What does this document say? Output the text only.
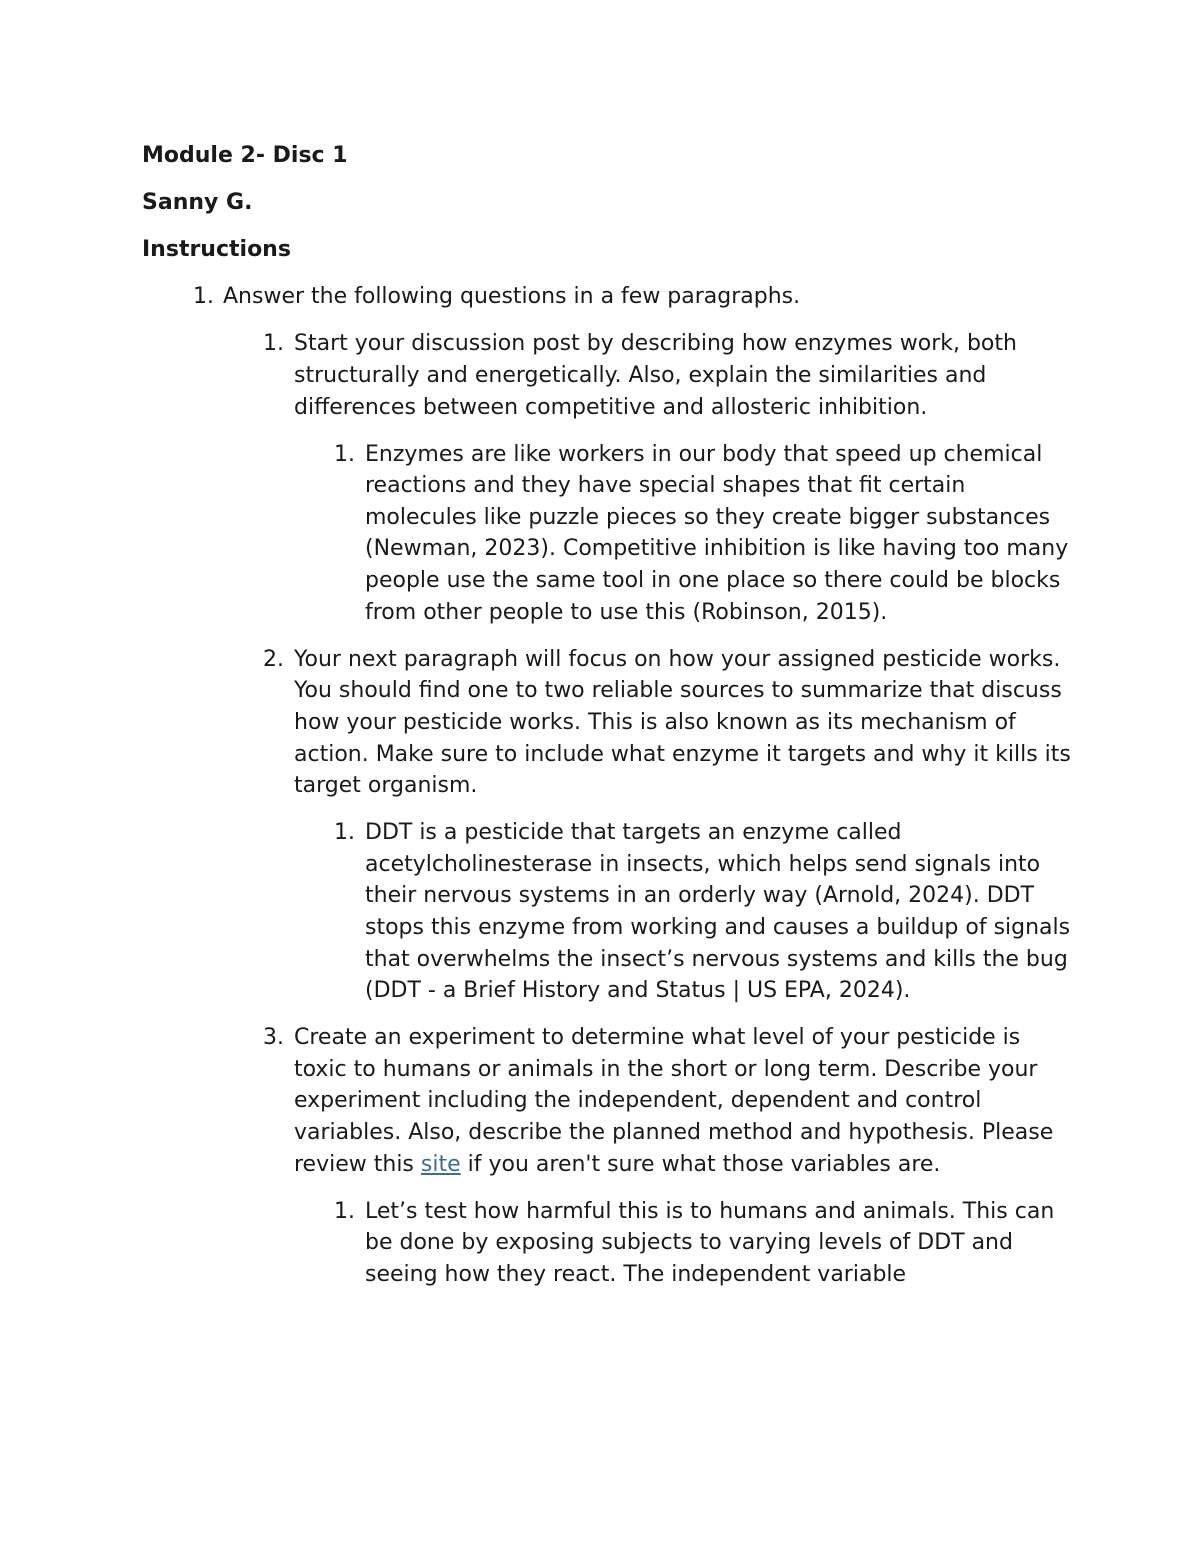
Module 2- Disc 1
Sanny G.
Instructions
1. Answer the following questions in a few paragraphs.
1. Start your discussion post by describing how enzymes work, both structurally and energetically. Also, explain the similarities and differences between competitive and allosteric inhibition.
1. Enzymes are like workers in our body that speed up chemical reactions and they have special shapes that fit certain molecules like puzzle pieces so they create bigger substances (Newman, 2023). Competitive inhibition is like having too many people use the same tool in one place so there could be blocks from other people to use this (Robinson, 2015).
2. Your next paragraph will focus on how your assigned pesticide works. You should find one to two reliable sources to summarize that discuss how your pesticide works. This is also known as its mechanism of action. Make sure to include what enzyme it targets and why it kills its target organism.
1. DDT is a pesticide that targets an enzyme called acetylcholinesterase in insects, which helps send signals into their nervous systems in an orderly way (Arnold, 2024). DDT stops this enzyme from working and causes a buildup of signals that overwhelms the insect’s nervous systems and kills the bug (DDT - a Brief History and Status | US EPA, 2024).
3. Create an experiment to determine what level of your pesticide is toxic to humans or animals in the short or long term. Describe your experiment including the independent, dependent and control variables. Also, describe the planned method and hypothesis. Please review this site if you aren't sure what those variables are.
1. Let’s test how harmful this is to humans and animals. This can be done by exposing subjects to varying levels of DDT and seeing how they react. The independent variable
